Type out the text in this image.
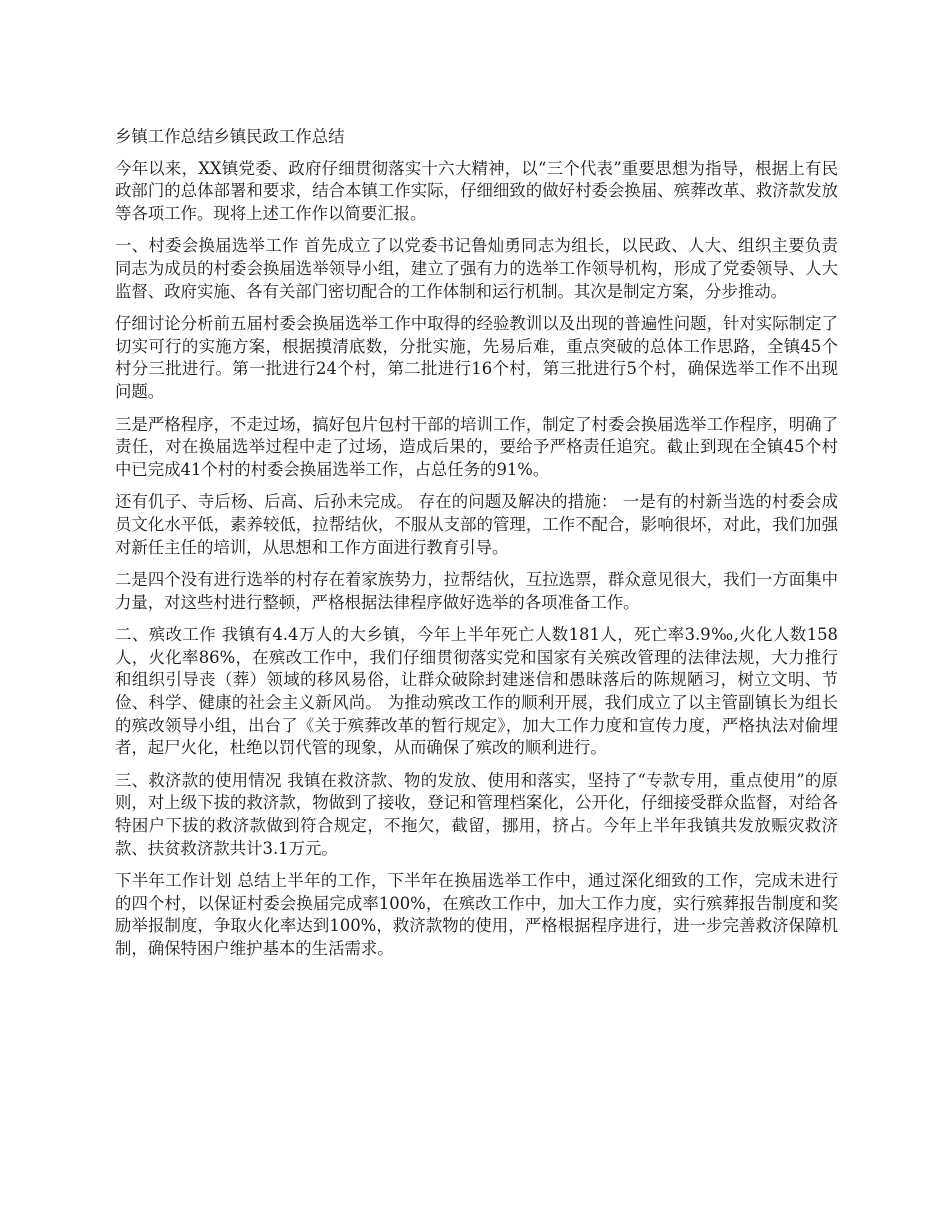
乡镇工作总结乡镇民政工作总结

今年以来，XX镇党委、政府仔细贯彻落实十六大精神，以“三个代表”重要思想为指导，根据上有民政部门的总体部署和要求，结合本镇工作实际，仔细细致的做好村委会换届、殡葬改革、救济款发放等各项工作。现将上述工作作以简要汇报。

一、村委会换届选举工作 首先成立了以党委书记鲁灿勇同志为组长，以民政、人大、组织主要负责同志为成员的村委会换届选举领导小组，建立了强有力的选举工作领导机构，形成了党委领导、人大监督、政府实施、各有关部门密切配合的工作体制和运行机制。其次是制定方案，分步推动。

仔细讨论分析前五届村委会换届选举工作中取得的经验教训以及出现的普遍性问题，针对实际制定了切实可行的实施方案，根据摸清底数，分批实施，先易后难，重点突破的总体工作思路，全镇45个村分三批进行。第一批进行24个村，第二批进行16个村，第三批进行5个村，确保选举工作不出现问题。

三是严格程序，不走过场，搞好包片包村干部的培训工作，制定了村委会换届选举工作程序，明确了责任，对在换届选举过程中走了过场，造成后果的，要给予严格责任追究。截止到现在全镇45个村中已完成41个村的村委会换届选举工作，占总任务的91%。

还有仉子、寺后杨、后高、后孙未完成。 存在的问题及解决的措施： 一是有的村新当选的村委会成员文化水平低，素养较低，拉帮结伙，不服从支部的管理，工作不配合，影响很坏，对此，我们加强对新任主任的培训，从思想和工作方面进行教育引导。

二是四个没有进行选举的村存在着家族势力，拉帮结伙，互拉选票，群众意见很大，我们一方面集中力量，对这些村进行整顿，严格根据法律程序做好选举的各项准备工作。

二、殡改工作 我镇有4.4万人的大乡镇，今年上半年死亡人数181人，死亡率3.9‰,火化人数158人，火化率86%，在殡改工作中，我们仔细贯彻落实党和国家有关殡改管理的法律法规，大力推行和组织引导丧（葬）领域的移风易俗，让群众破除封建迷信和愚昧落后的陈规陋习，树立文明、节俭、科学、健康的社会主义新风尚。 为推动殡改工作的顺利开展，我们成立了以主管副镇长为组长的殡改领导小组，出台了《关于殡葬改革的暂行规定》，加大工作力度和宣传力度，严格执法对偷埋者，起尸火化，杜绝以罚代管的现象，从而确保了殡改的顺利进行。

三、救济款的使用情况 我镇在救济款、物的发放、使用和落实，坚持了“专款专用，重点使用”的原则，对上级下拔的救济款，物做到了接收，登记和管理档案化，公开化，仔细接受群众监督，对给各特困户下拔的救济款做到符合规定，不拖欠，截留，挪用，挤占。今年上半年我镇共发放赈灾救济款、扶贫救济款共计3.1万元。

下半年工作计划 总结上半年的工作，下半年在换届选举工作中，通过深化细致的工作，完成未进行的四个村，以保证村委会换届完成率100%，在殡改工作中，加大工作力度，实行殡葬报告制度和奖励举报制度，争取火化率达到100%，救济款物的使用，严格根据程序进行，进一步完善救济保障机制，确保特困户维护基本的生活需求。
